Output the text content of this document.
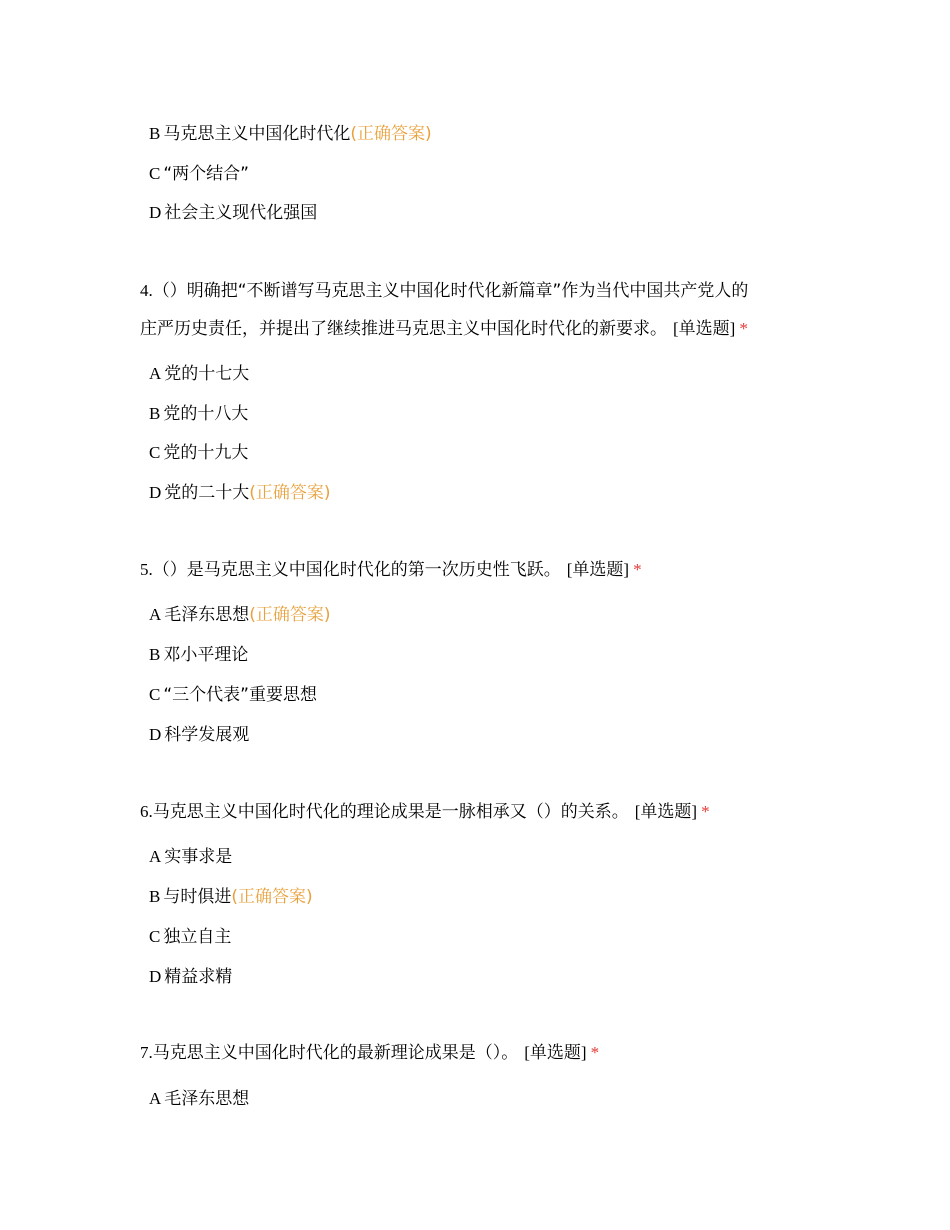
B 马克思主义中国化时代化(正确答案)
C “两个结合”
D 社会主义现代化强国
4.（）明确把“不断谱写马克思主义中国化时代化新篇章”作为当代中国共产党人的
庄严历史责任，并提出了继续推进马克思主义中国化时代化的新要求。 [单选题] *
A 党的十七大
B 党的十八大
C 党的十九大
D 党的二十大(正确答案)
5.（）是马克思主义中国化时代化的第一次历史性飞跃。 [单选题] *
A 毛泽东思想(正确答案)
B 邓小平理论
C “三个代表”重要思想
D 科学发展观
6.马克思主义中国化时代化的理论成果是一脉相承又（）的关系。 [单选题] *
A 实事求是
B 与时俱进(正确答案)
C 独立自主
D 精益求精
7.马克思主义中国化时代化的最新理论成果是（）。 [单选题] *
A 毛泽东思想
